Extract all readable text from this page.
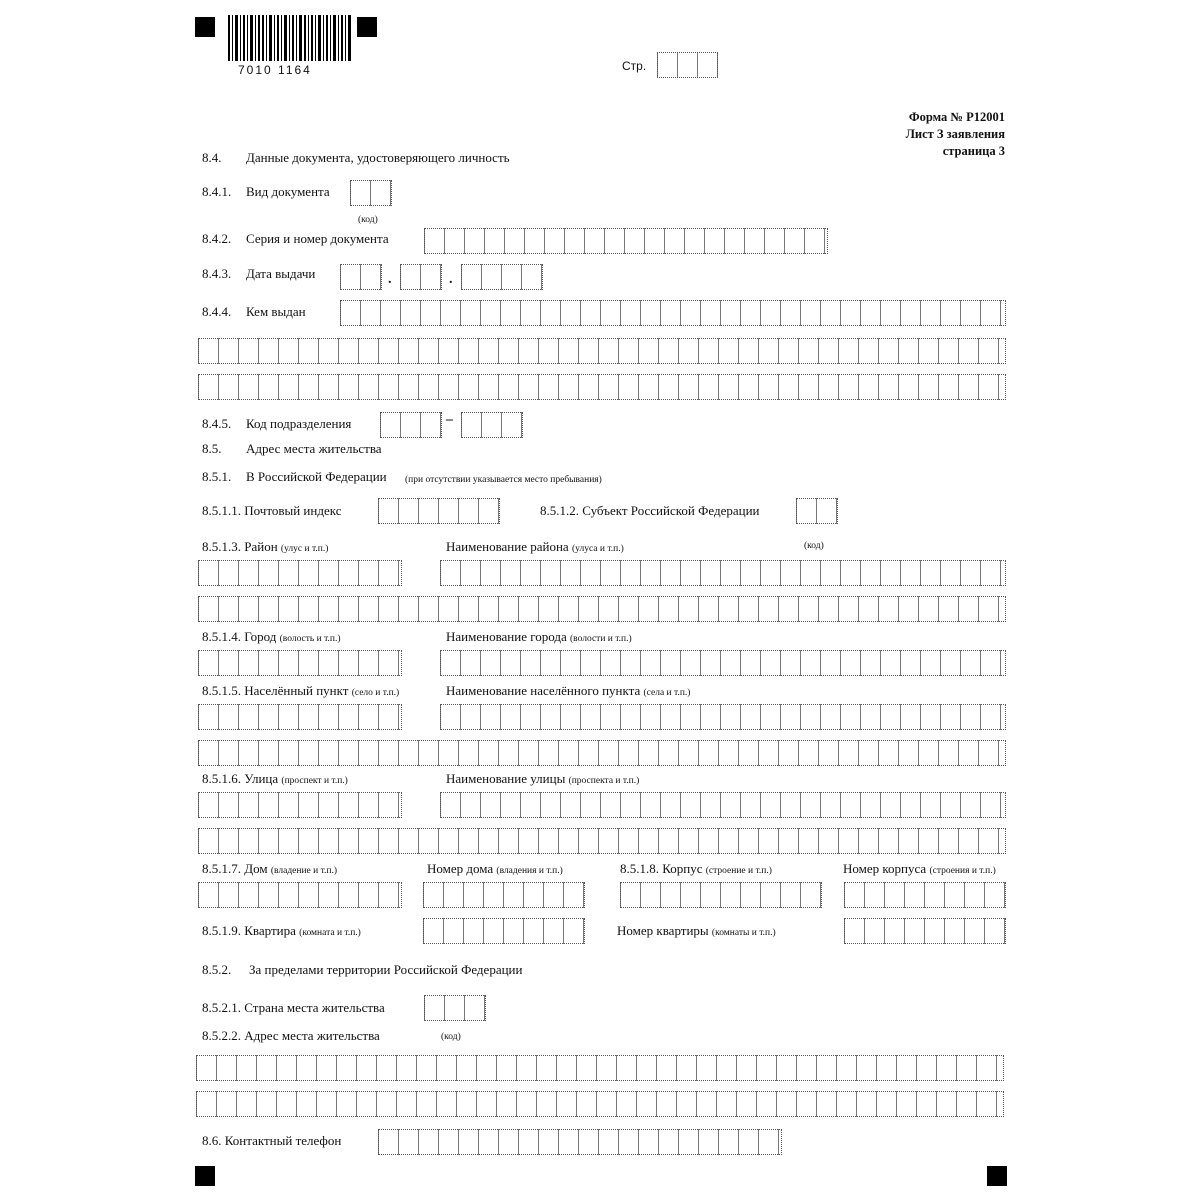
7010 1164	Стр.
Форма № Р12001
Лист З заявления
страница 3
8.4. Данные документа, удостоверяющего личность
8.4.1. Вид документа
(код)
8.4.2. Серия и номер документа
8.4.3. Дата выдачи	.	.
8.4.4. Кем выдан
8.4.5. Код подразделения	–
8.5. Адрес места жительства
8.5.1. В Российской Федерации (при отсутствии указывается место пребывания)
8.5.1.1. Почтовый индекс	8.5.1.2. Субъект Российской Федерации
(код)
8.5.1.3. Район (улус и т.п.)	Наименование района (улуса и т.п.)
8.5.1.4. Город (волость и т.п.)	Наименование города (волости и т.п.)
8.5.1.5. Населённый пункт (село и т.п.)	Наименование населённого пункта (села и т.п.)
8.5.1.6. Улица (проспект и т.п.)	Наименование улицы (проспекта и т.п.)
8.5.1.7. Дом (владение и т.п.)	Номер дома (владения и т.п.)	8.5.1.8. Корпус (строение и т.п.)	Номер корпуса (строения и т.п.)
8.5.1.9. Квартира (комната и т.п.)	Номер квартиры (комнаты и т.п.)
8.5.2. За пределами территории Российской Федерации
8.5.2.1. Страна места жительства
(код)
8.5.2.2. Адрес места жительства
8.6. Контактный телефон
